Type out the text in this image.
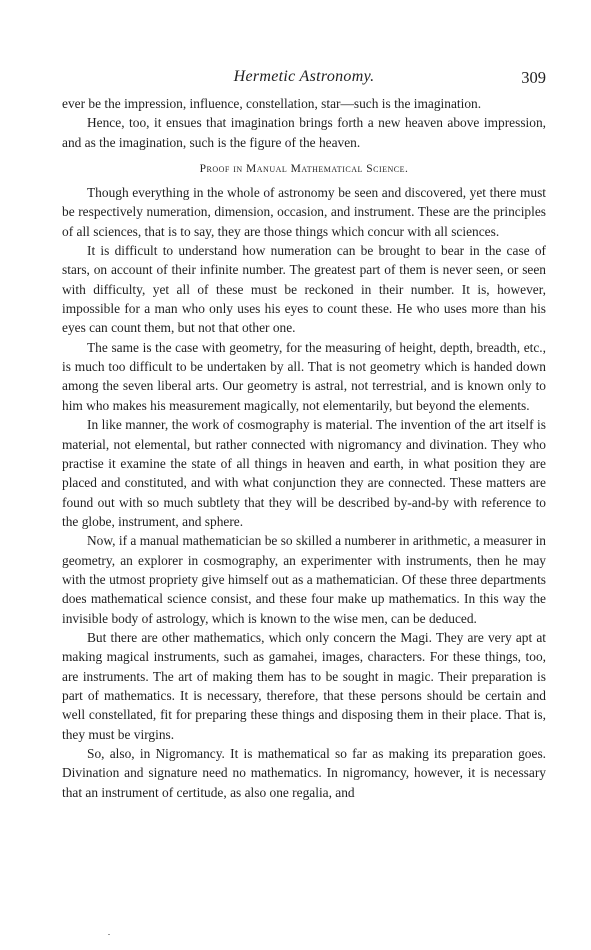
Hermetic Astronomy.	309

ever be the impression, influence, constellation, star—such is the imagination.

Hence, too, it ensues that imagination brings forth a new heaven above impression, and as the imagination, such is the figure of the heaven.

Proof in Manual Mathematical Science.

Though everything in the whole of astronomy be seen and discovered, yet there must be respectively numeration, dimension, occasion, and instrument. These are the principles of all sciences, that is to say, they are those things which concur with all sciences.

It is difficult to understand how numeration can be brought to bear in the case of stars, on account of their infinite number. The greatest part of them is never seen, or seen with difficulty, yet all of these must be reckoned in their number. It is, however, impossible for a man who only uses his eyes to count these. He who uses more than his eyes can count them, but not that other one.

The same is the case with geometry, for the measuring of height, depth, breadth, etc., is much too difficult to be undertaken by all. That is not geometry which is handed down among the seven liberal arts. Our geometry is astral, not terrestrial, and is known only to him who makes his measurement magically, not elementarily, but beyond the elements.

In like manner, the work of cosmography is material. The invention of the art itself is material, not elemental, but rather connected with nigromancy and divination. They who practise it examine the state of all things in heaven and earth, in what position they are placed and constituted, and with what conjunction they are connected. These matters are found out with so much subtlety that they will be described by-and-by with reference to the globe, instrument, and sphere.

Now, if a manual mathematician be so skilled a numberer in arithmetic, a measurer in geometry, an explorer in cosmography, an experimenter with instruments, then he may with the utmost propriety give himself out as a mathematician. Of these three departments does mathematical science consist, and these four make up mathematics. In this way the invisible body of astrology, which is known to the wise men, can be deduced.

But there are other mathematics, which only concern the Magi. They are very apt at making magical instruments, such as gamahei, images, characters. For these things, too, are instruments. The art of making them has to be sought in magic. Their preparation is part of mathematics. It is necessary, therefore, that these persons should be certain and well constellated, fit for preparing these things and disposing them in their place. That is, they must be virgins.

So, also, in Nigromancy. It is mathematical so far as making its preparation goes. Divination and signature need no mathematics. In nigromancy, however, it is necessary that an instrument of certitude, as also one regalia, and
